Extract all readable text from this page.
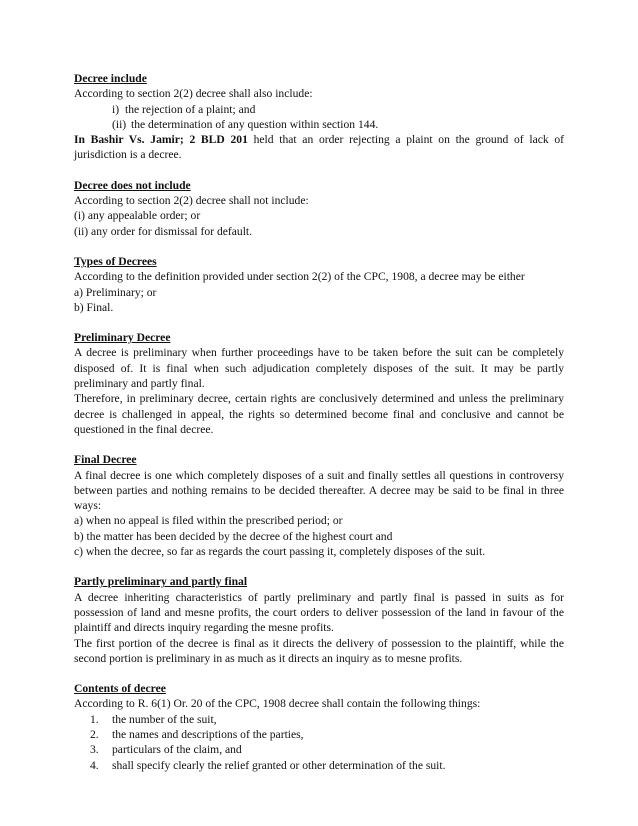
Decree include
According to section 2(2) decree shall also include:
i) the rejection of a plaint; and
(ii) the determination of any question within section 144.
In Bashir Vs. Jamir; 2 BLD 201 held that an order rejecting a plaint on the ground of lack of jurisdiction is a decree.
Decree does not include
According to section 2(2) decree shall not include:
(i) any appealable order; or
(ii) any order for dismissal for default.
Types of Decrees
According to the definition provided under section 2(2) of the CPC, 1908, a decree may be either
a) Preliminary; or
b) Final.
Preliminary Decree
A decree is preliminary when further proceedings have to be taken before the suit can be completely disposed of. It is final when such adjudication completely disposes of the suit. It may be partly preliminary and partly final.
Therefore, in preliminary decree, certain rights are conclusively determined and unless the preliminary decree is challenged in appeal, the rights so determined become final and conclusive and cannot be questioned in the final decree.
Final Decree
A final decree is one which completely disposes of a suit and finally settles all questions in controversy between parties and nothing remains to be decided thereafter. A decree may be said to be final in three ways:
a) when no appeal is filed within the prescribed period; or
b) the matter has been decided by the decree of the highest court and
c) when the decree, so far as regards the court passing it, completely disposes of the suit.
Partly preliminary and partly final
A decree inheriting characteristics of partly preliminary and partly final is passed in suits as for possession of land and mesne profits, the court orders to deliver possession of the land in favour of the plaintiff and directs inquiry regarding the mesne profits.
The first portion of the decree is final as it directs the delivery of possession to the plaintiff, while the second portion is preliminary in as much as it directs an inquiry as to mesne profits.
Contents of decree
According to R. 6(1) Or. 20 of the CPC, 1908 decree shall contain the following things:
1. the number of the suit,
2. the names and descriptions of the parties,
3. particulars of the claim, and
4. shall specify clearly the relief granted or other determination of the suit.
